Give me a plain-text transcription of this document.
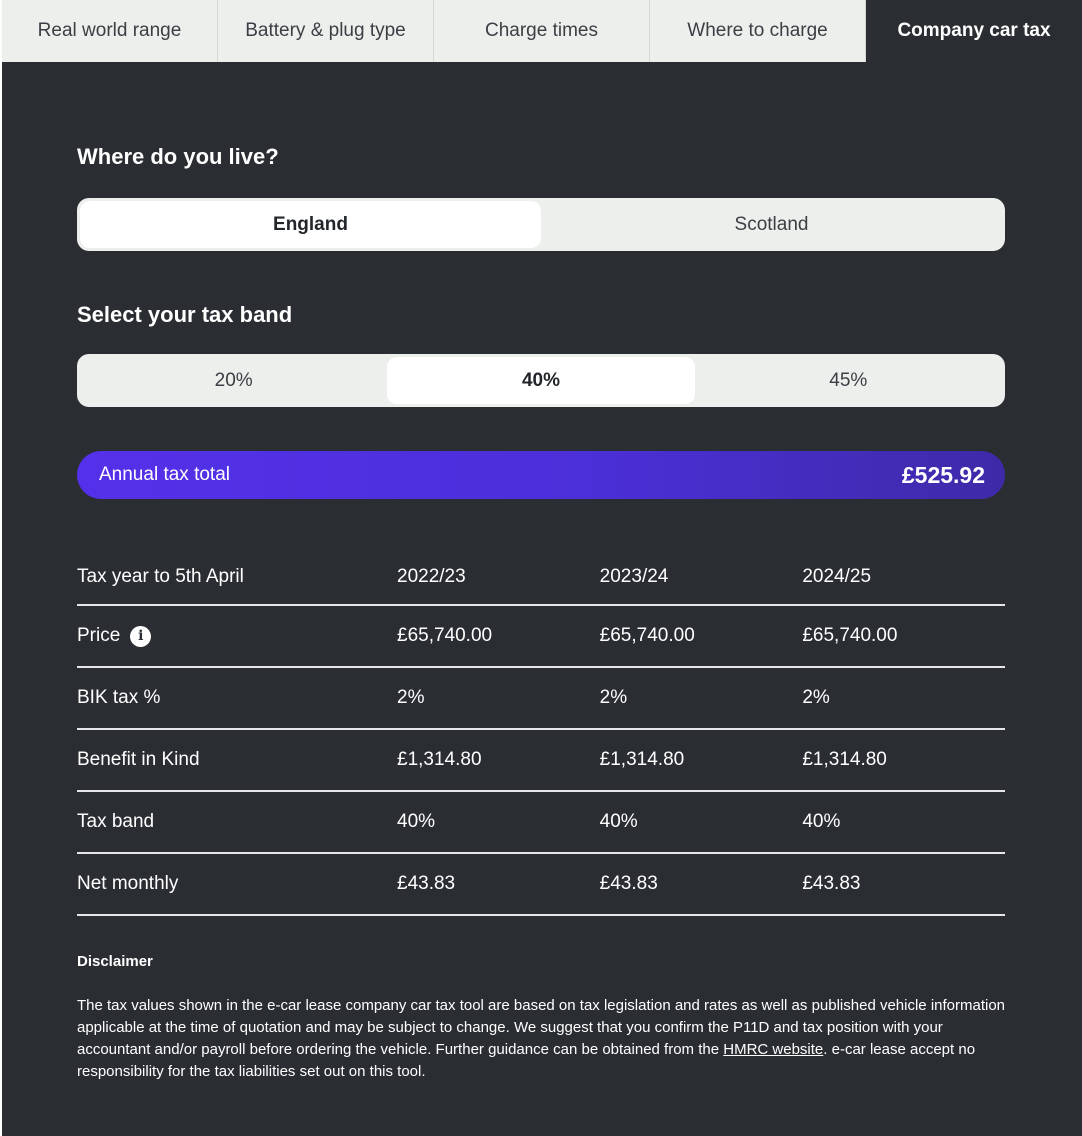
Real world range	Battery & plug type	Charge times	Where to charge	Company car tax
Where do you live?
England	Scotland
Select your tax band
20%	40%	45%
Annual tax total	£525.92
Tax year to 5th April	2022/23	2023/24	2024/25
Price	i	£65,740.00	£65,740.00	£65,740.00
BIK tax %	2%	2%	2%
Benefit in Kind	£1,314.80	£1,314.80	£1,314.80
Tax band	40%	40%	40%
Net monthly	£43.83	£43.83	£43.83
Disclaimer
The tax values shown in the e-car lease company car tax tool are based on tax legislation and rates as well as published vehicle information applicable at the time of quotation and may be subject to change. We suggest that you confirm the P11D and tax position with your accountant and/or payroll before ordering the vehicle. Further guidance can be obtained from the HMRC website. e-car lease accept no responsibility for the tax liabilities set out on this tool.
